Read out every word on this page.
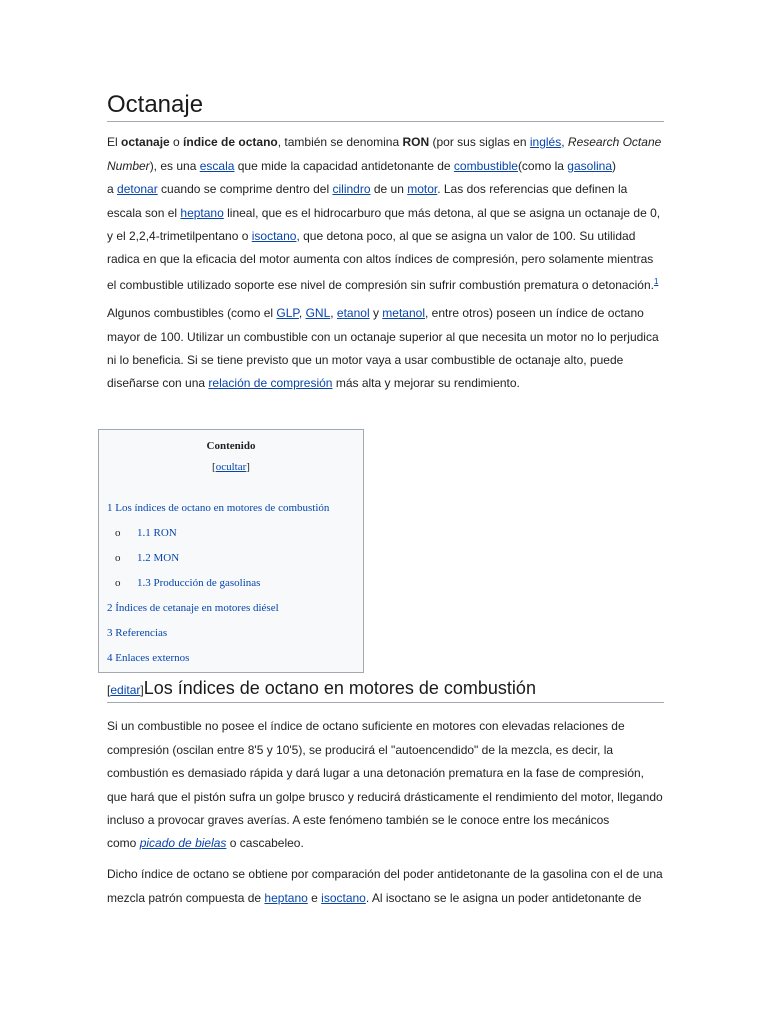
Octanaje
El octanaje o índice de octano, también se denomina RON (por sus siglas en inglés, Research Octane
Number), es una escala que mide la capacidad antidetonante de combustible(como la gasolina)
a detonar cuando se comprime dentro del cilindro de un motor. Las dos referencias que definen la
escala son el heptano lineal, que es el hidrocarburo que más detona, al que se asigna un octanaje de 0,
y el 2,2,4-trimetilpentano o isoctano, que detona poco, al que se asigna un valor de 100. Su utilidad
radica en que la eficacia del motor aumenta con altos índices de compresión, pero solamente mientras
el combustible utilizado soporte ese nivel de compresión sin sufrir combustión prematura o detonación.$^1$
Algunos combustibles (como el GLP, GNL, etanol y metanol, entre otros) poseen un índice de octano
mayor de 100. Utilizar un combustible con un octanaje superior al que necesita un motor no lo perjudica
ni lo beneficia. Si se tiene previsto que un motor vaya a usar combustible de octanaje alto, puede
diseñarse con una relación de compresión más alta y mejorar su rendimiento.
Contenido
[ocultar]
1 Los índices de octano en motores de combustión
o 1.1 RON
o 1.2 MON
o 1.3 Producción de gasolinas
2 Índices de cetanaje en motores diésel
3 Referencias
4 Enlaces externos
[editar]Los índices de octano en motores de combustión
Si un combustible no posee el índice de octano suficiente en motores con elevadas relaciones de
compresión (oscilan entre 8'5 y 10'5), se producirá el "autoencendido" de la mezcla, es decir, la
combustión es demasiado rápida y dará lugar a una detonación prematura en la fase de compresión,
que hará que el pistón sufra un golpe brusco y reducirá drásticamente el rendimiento del motor, llegando
incluso a provocar graves averías. A este fenómeno también se le conoce entre los mecánicos
como picado de bielas o cascabeleo.
Dicho índice de octano se obtiene por comparación del poder antidetonante de la gasolina con el de una
mezcla patrón compuesta de heptano e isoctano. Al isoctano se le asigna un poder antidetonante de
